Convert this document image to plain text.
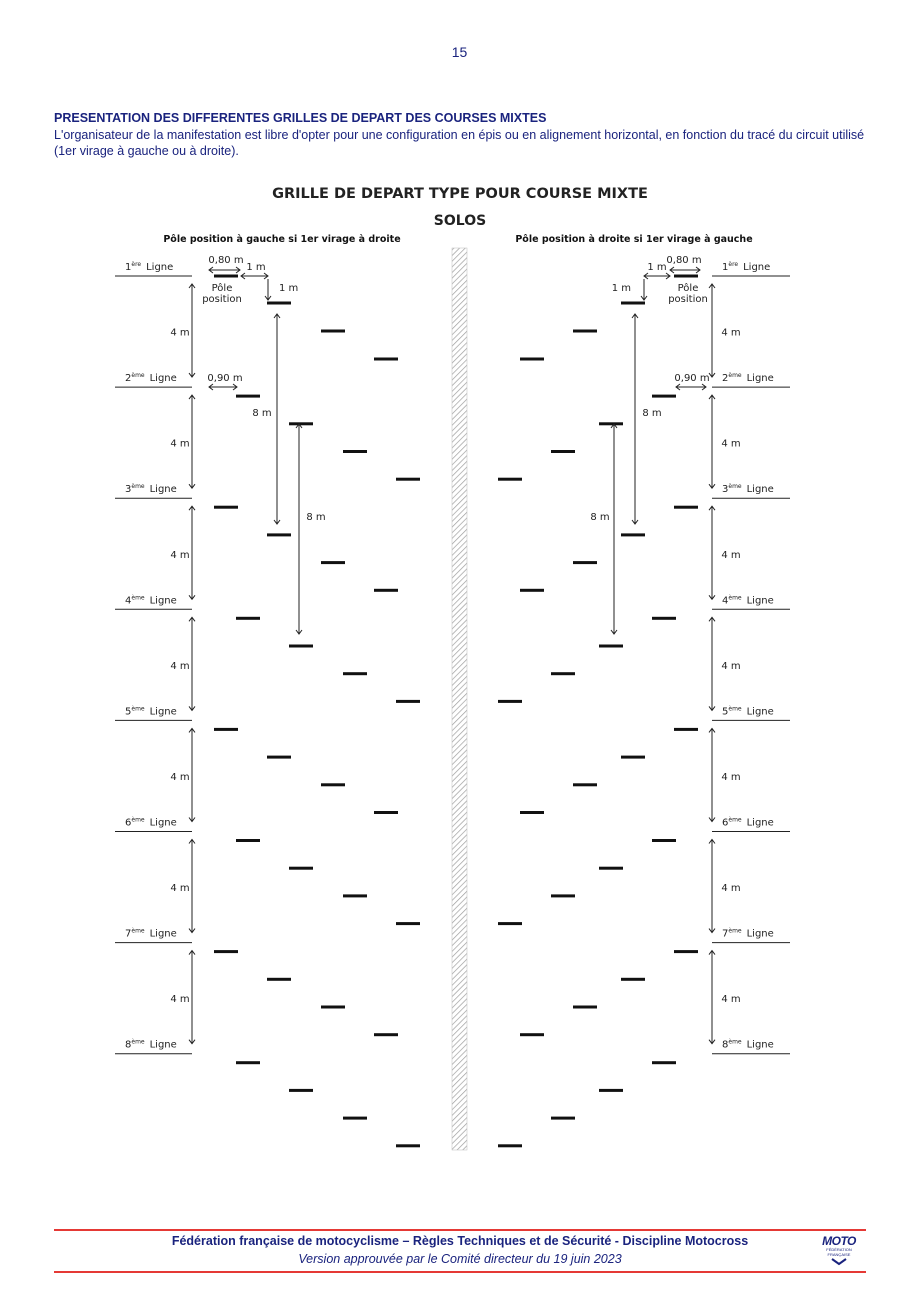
15
PRESENTATION DES DIFFERENTES GRILLES DE DEPART DES COURSES MIXTES
L'organisateur de la manifestation est libre d'opter pour une configuration en épis ou en alignement horizontal, en fonction du tracé du circuit utilisé (1er virage à gauche ou à droite).
GRILLE DE DEPART TYPE POUR COURSE MIXTE
SOLOS
Pôle position à gauche si 1er virage à droite	Pôle position à droite si 1er virage à gauche
1ère Ligne
2ème Ligne
3ème Ligne
4ème Ligne
5ème Ligne
6ème Ligne
7ème Ligne
8ème Ligne
1ère Ligne
2ème Ligne
3ème Ligne
4ème Ligne
5ème Ligne
6ème Ligne
7ème Ligne
8ème Ligne
4 m	4 m
4 m	4 m
4 m	4 m
4 m	4 m
4 m	4 m
4 m	4 m
4 m	4 m
0,80 m
1 m
1 m
Pôle
position
0,90 m
0,80 m
1 m
1 m	Pôle
position
0,90 m
8 m
8 m
8 m
8 m
Fédération française de motocyclisme – Règles Techniques et de Sécurité - Discipline Motocross
Version approuvée par le Comité directeur du 19 juin 2023
MOTO
FÉDÉRATION
FRANÇAISE
